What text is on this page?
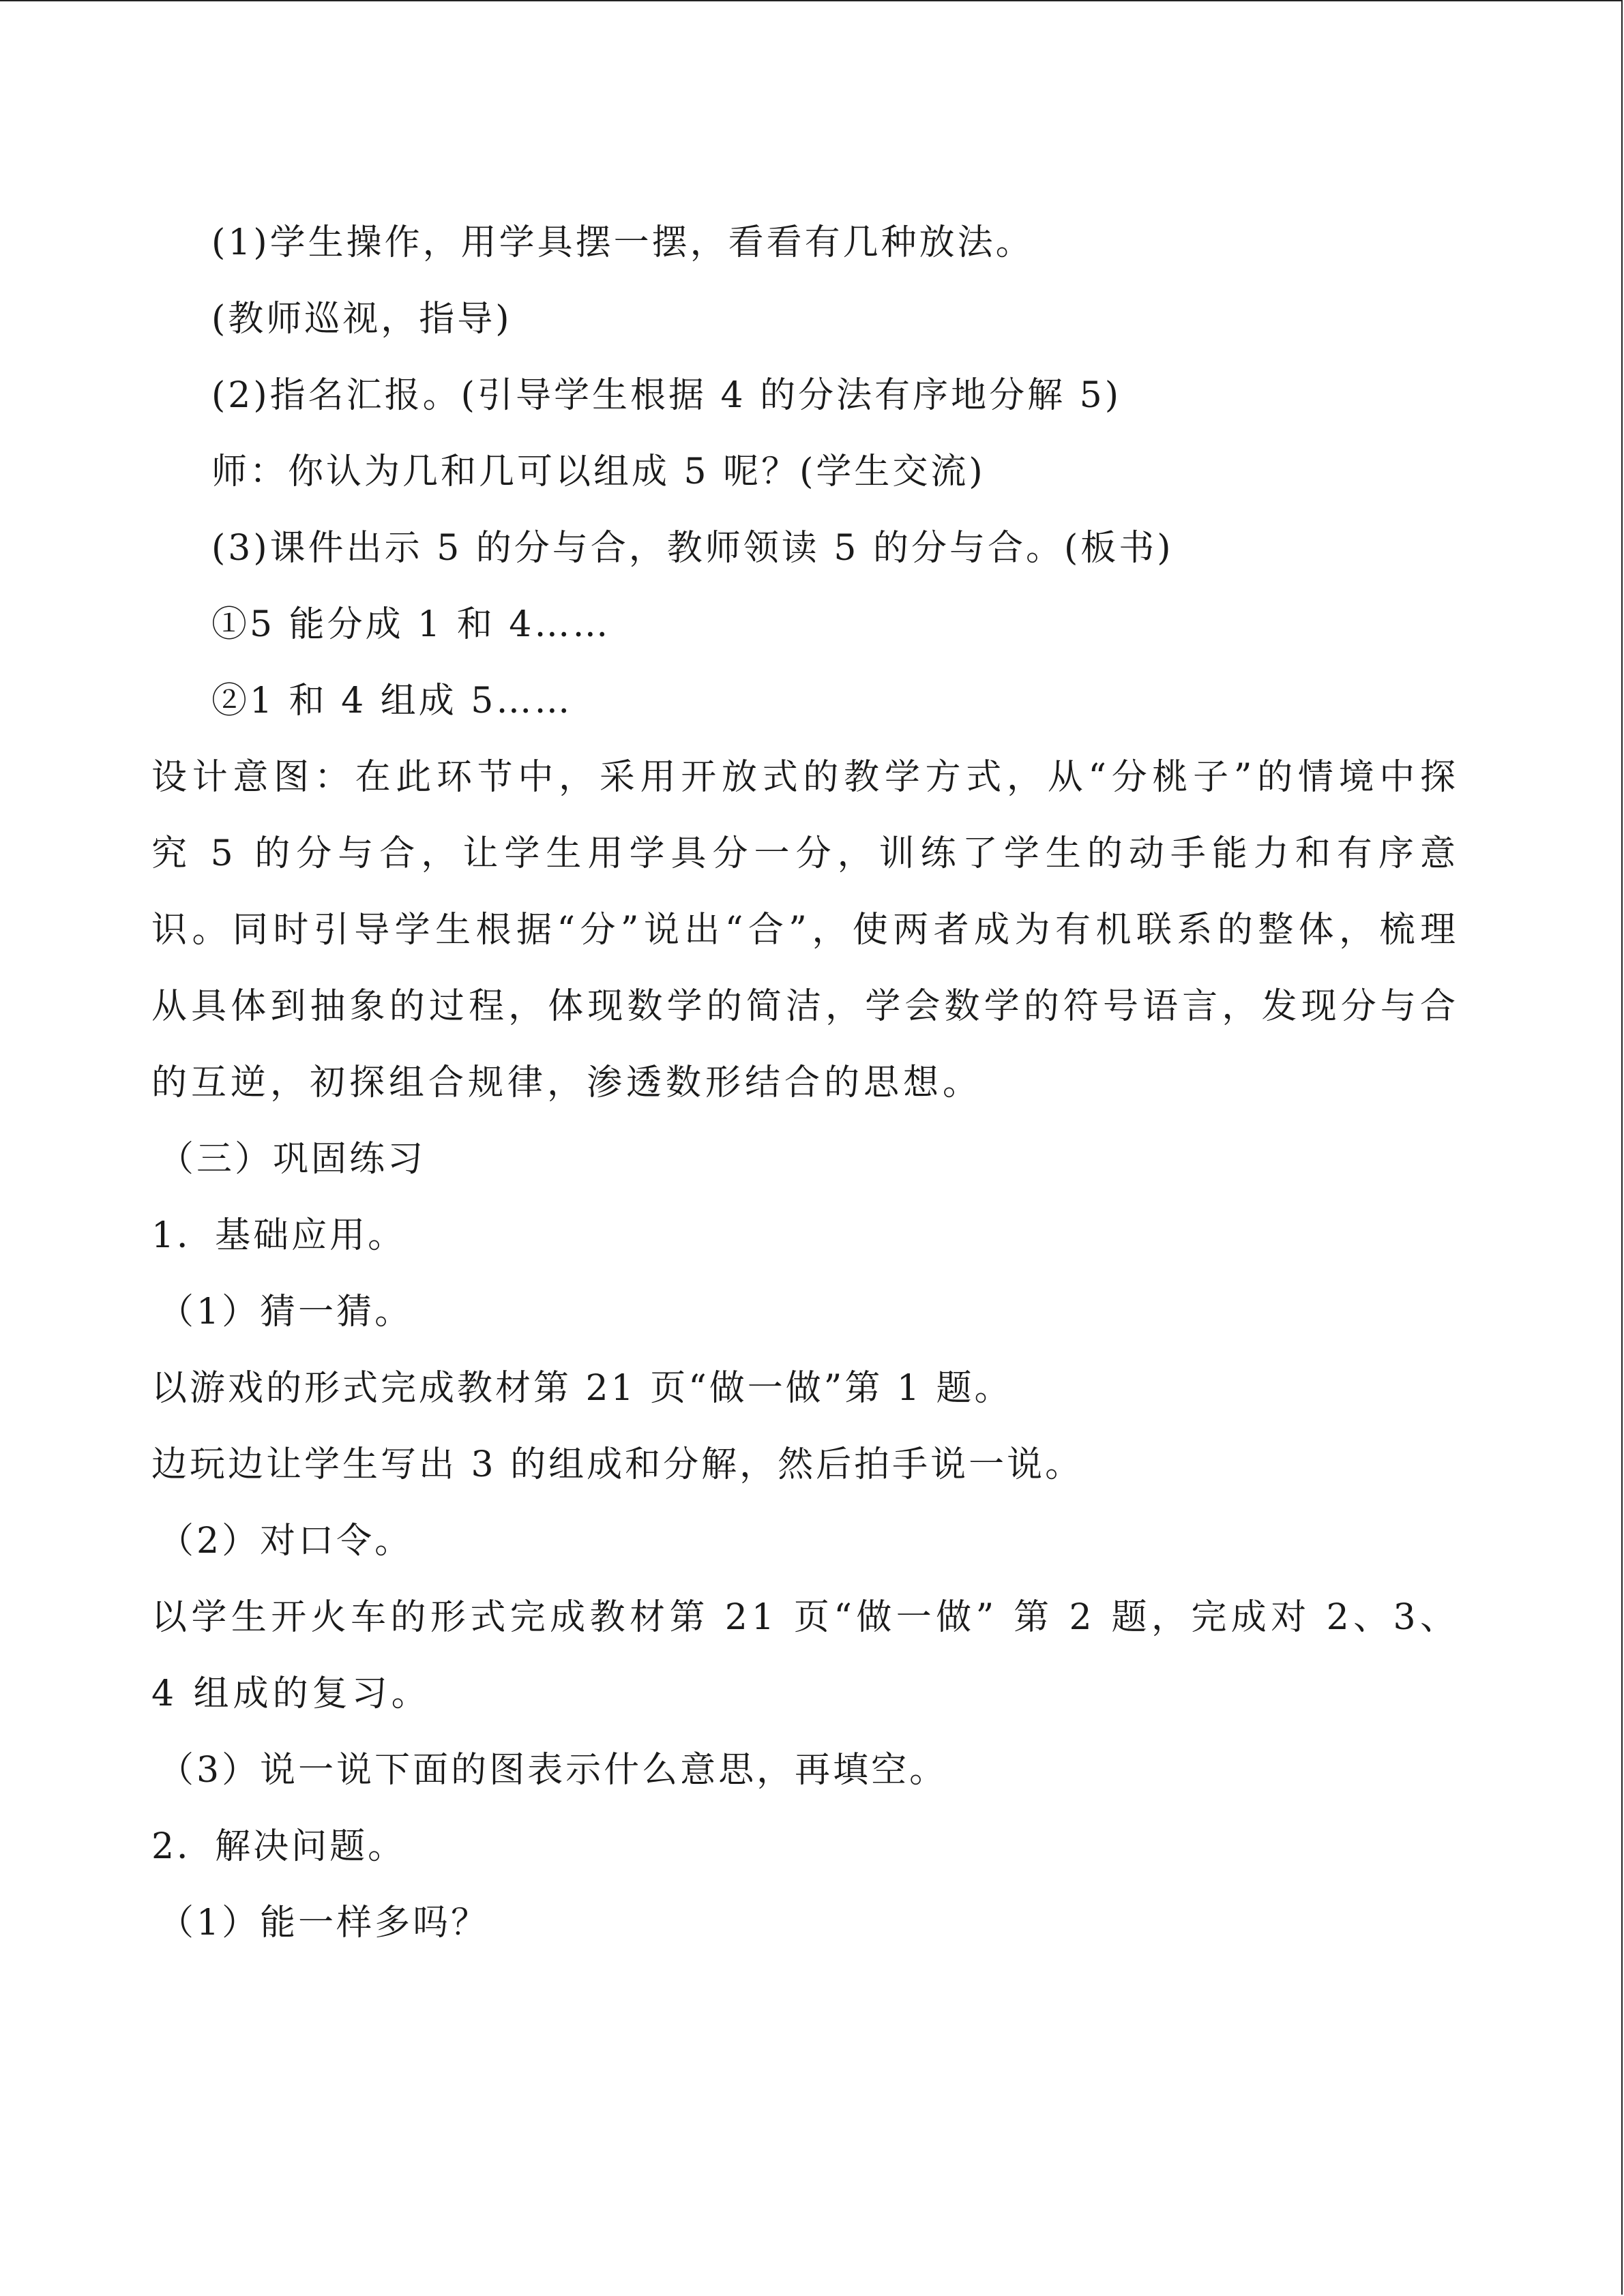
(1)学生操作，用学具摆一摆，看看有几种放法。
(教师巡视，指导)
(2)指名汇报。(引导学生根据 4 的分法有序地分解 5)
师：你认为几和几可以组成 5 呢？(学生交流)
(3)课件出示 5 的分与合，教师领读 5 的分与合。(板书)
①5 能分成 1 和 4……
②1 和 4 组成 5……
设计意图：在此环节中，采用开放式的教学方式，从“分桃子”的情境中探究 5 的分与合，让学生用学具分一分，训练了学生的动手能力和有序意识。同时引导学生根据“分”说出“合”，使两者成为有机联系的整体，梳理从具体到抽象的过程，体现数学的简洁，学会数学的符号语言，发现分与合的互逆，初探组合规律，渗透数形结合的思想。
（三）巩固练习
1．基础应用。
（1）猜一猜。
以游戏的形式完成教材第 21 页“做一做”第 1 题。
边玩边让学生写出 3 的组成和分解，然后拍手说一说。
（2）对口令。
以学生开火车的形式完成教材第 21 页“做一做” 第 2 题，完成对 2、3、4 组成的复习。
（3）说一说下面的图表示什么意思，再填空。
2．解决问题。
（1）能一样多吗？
